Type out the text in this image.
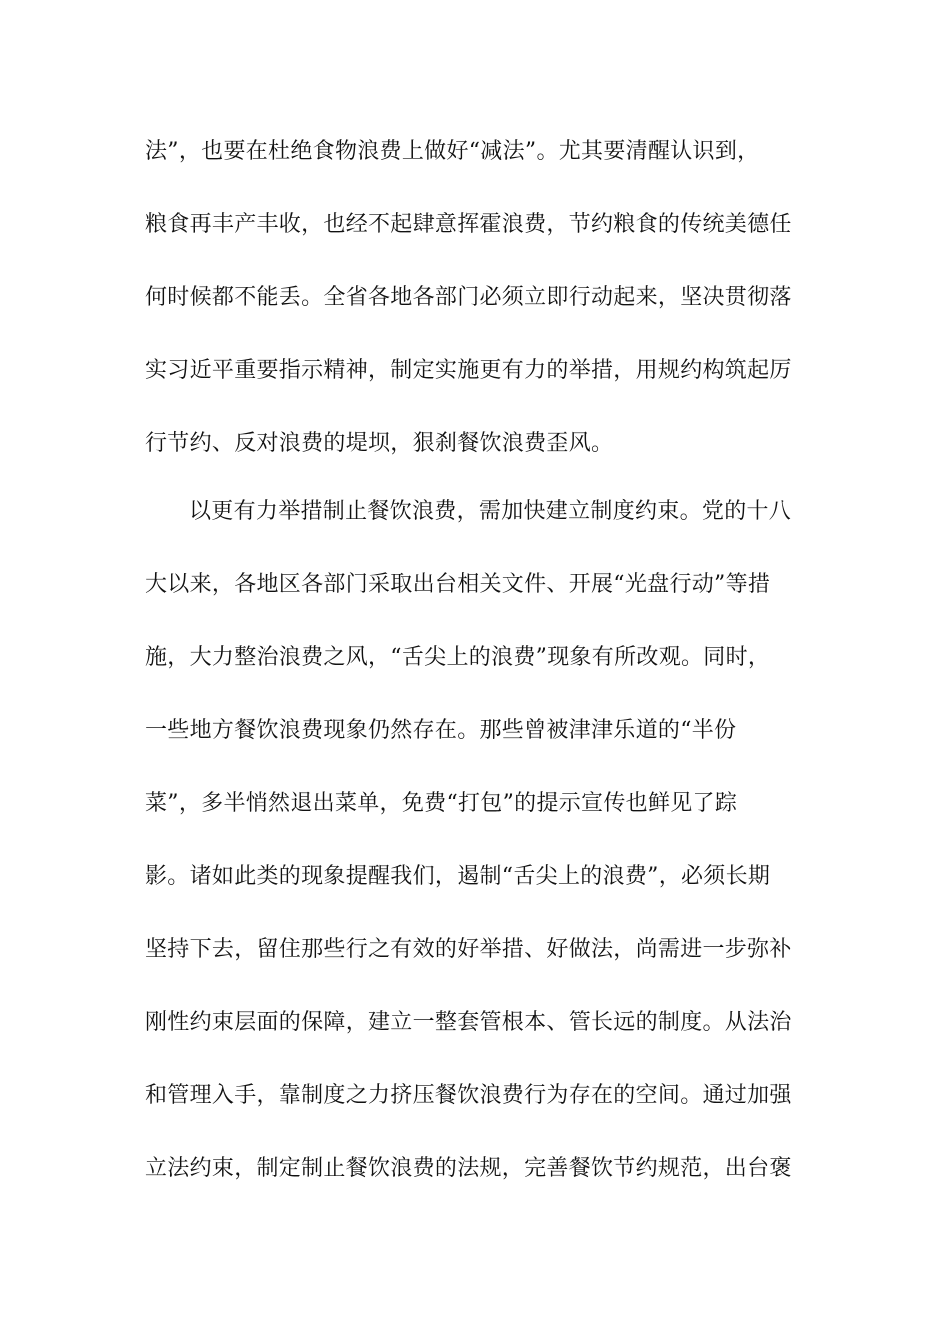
法”，也要在杜绝食物浪费上做好“减法”。尤其要清醒认识到，
粮食再丰产丰收，也经不起肆意挥霍浪费，节约粮食的传统美德任
何时候都不能丢。全省各地各部门必须立即行动起来，坚决贯彻落
实习近平重要指示精神，制定实施更有力的举措，用规约构筑起厉
行节约、反对浪费的堤坝，狠刹餐饮浪费歪风。
以更有力举措制止餐饮浪费，需加快建立制度约束。党的十八
大以来，各地区各部门采取出台相关文件、开展“光盘行动”等措
施，大力整治浪费之风，“舌尖上的浪费”现象有所改观。同时，
一些地方餐饮浪费现象仍然存在。那些曾被津津乐道的“半份
菜”，多半悄然退出菜单，免费“打包”的提示宣传也鲜见了踪
影。诸如此类的现象提醒我们，遏制“舌尖上的浪费”，必须长期
坚持下去，留住那些行之有效的好举措、好做法，尚需进一步弥补
刚性约束层面的保障，建立一整套管根本、管长远的制度。从法治
和管理入手，靠制度之力挤压餐饮浪费行为存在的空间。通过加强
立法约束，制定制止餐饮浪费的法规，完善餐饮节约规范，出台褒
